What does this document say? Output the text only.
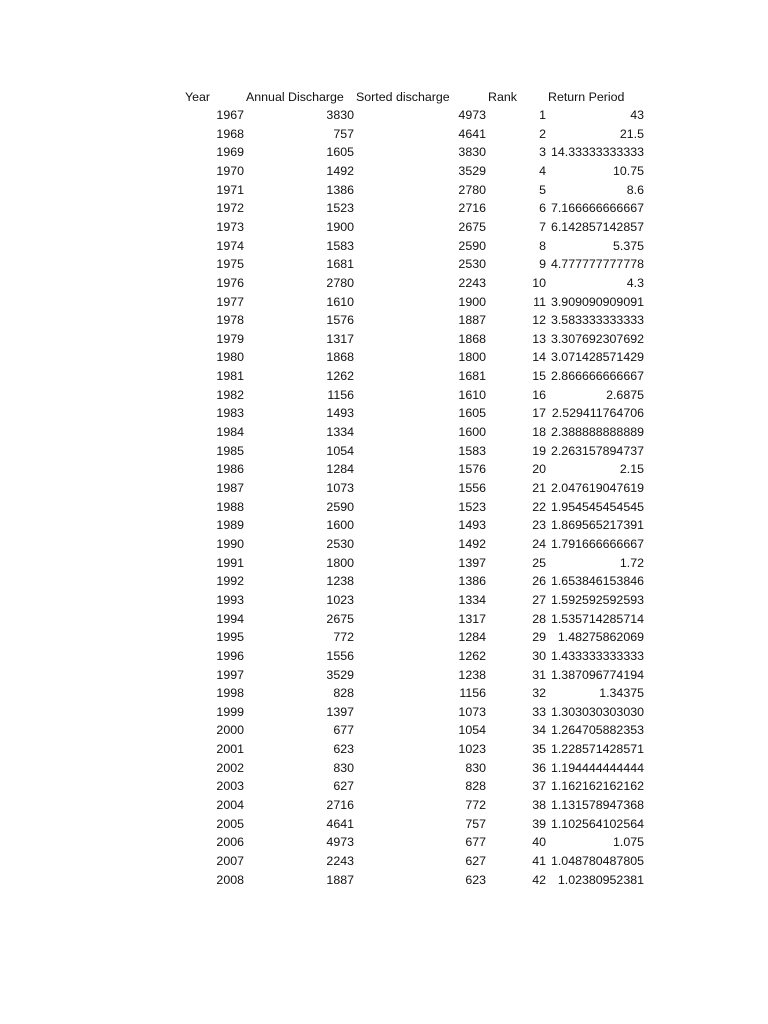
Year	Annual Discharge Sorted discharge	Rank	Return Period
1967	3830	4973	1	43
1968	757	4641	2	21.5
1969	1605	3830	3 14.33333333333
1970	1492	3529	4	10.75
1971	1386	2780	5	8.6
1972	1523	2716	6 7.166666666667
1973	1900	2675	7 6.142857142857
1974	1583	2590	8	5.375
1975	1681	2530	9 4.777777777778
1976	2780	2243	10	4.3
1977	1610	1900	11 3.909090909091
1978	1576	1887	12 3.583333333333
1979	1317	1868	13 3.307692307692
1980	1868	1800	14 3.071428571429
1981	1262	1681	15 2.866666666667
1982	1156	1610	16	2.6875
1983	1493	1605	17 2.529411764706
1984	1334	1600	18 2.388888888889
1985	1054	1583	19 2.263157894737
1986	1284	1576	20	2.15
1987	1073	1556	21 2.047619047619
1988	2590	1523	22 1.954545454545
1989	1600	1493	23 1.869565217391
1990	2530	1492	24 1.791666666667
1991	1800	1397	25	1.72
1992	1238	1386	26 1.653846153846
1993	1023	1334	27 1.592592592593
1994	2675	1317	28 1.535714285714
1995	772	1284	29 1.48275862069
1996	1556	1262	30 1.433333333333
1997	3529	1238	31 1.387096774194
1998	828	1156	32	1.34375
1999	1397	1073	33 1.303030303030
2000	677	1054	34 1.264705882353
2001	623	1023	35 1.228571428571
2002	830	830	36 1.194444444444
2003	627	828	37 1.162162162162
2004	2716	772	38 1.131578947368
2005	4641	757	39 1.102564102564
2006	4973	677	40	1.075
2007	2243	627	41 1.048780487805
2008	1887	623	42 1.02380952381
